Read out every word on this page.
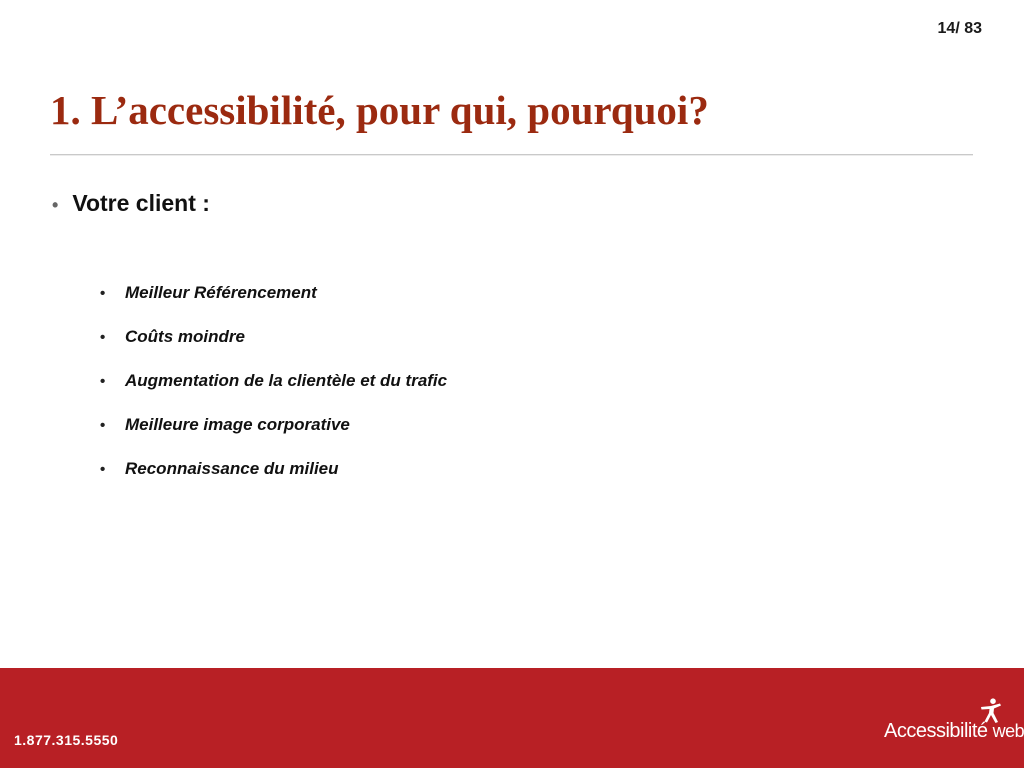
14/ 83
1. L’accessibilité, pour qui, pourquoi?
• Votre client :
•	Meilleur Référencement
•	Coûts moindre
•	Augmentation de la clientèle et du trafic
•	Meilleure image corporative
•	Reconnaissance du milieu
1.877.315.5550	Accessibilité web
